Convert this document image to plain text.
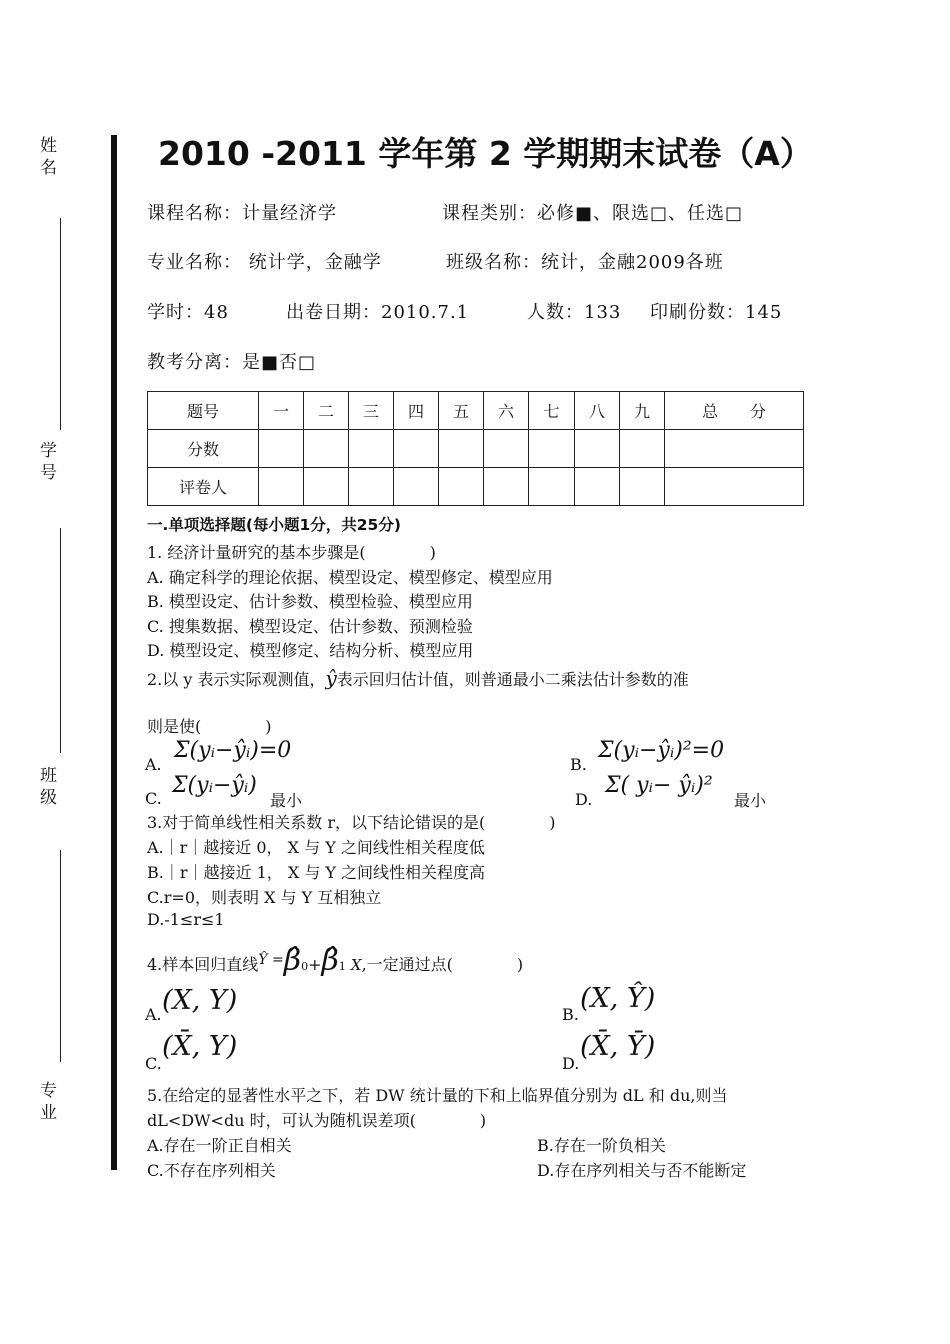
姓 名
学 号
班 级
专 业
2010 -2011 学年第 2 学期期末试卷（A）
课程名称：计量经济学	课程类别：必修■、限选□、任选□
专业名称： 统计学，金融学	班级名称：统计，金融2009各班
学时：48	出卷日期：2010.7.1	人数：133 印刷份数：145
教考分离：是■否□
题号	一	二	三	四	五	六	七	八	九	总　　分
分数										
评卷人										
一.单项选择题(每小题1分，共25分)
1. 经济计量研究的基本步骤是(　　　　)
A. 确定科学的理论依据、模型设定、模型修定、模型应用
B. 模型设定、估计参数、模型检验、模型应用
C. 搜集数据、模型设定、估计参数、预测检验
D. 模型设定、模型修定、结构分析、模型应用
2.以 y 表示实际观测值，ŷ表示回归估计值，则普通最小二乘法估计参数的准
则是使(　　　　)
A.
Σ(yᵢ−ŷᵢ)=0
B.
Σ(yᵢ−ŷᵢ)²=0
C.
Σ(yᵢ−ŷᵢ)
最小	D.
Σ( yᵢ− ŷᵢ)²
最小
3.对于简单线性相关系数 r，以下结论错误的是(　　　　)
A.｜r｜越接近 0， X 与 Y 之间线性相关程度低
B.｜r｜越接近 1， X 与 Y 之间线性相关程度高
C.r=0，则表明 X 与 Y 互相独立
D.-1≤r≤1
4.样本回归直线Ŷ =β̂0+β̂1 X,一定通过点(　　　　)
A. (X, Y)	B.
(X, Ŷ)
C.
(X̄, Y)
D.
(X̄, Ȳ)
5.在给定的显著性水平之下，若 DW 统计量的下和上临界值分别为 dL 和 du,则当
dL<DW<du 时，可认为随机误差项(　　　　)
A.存在一阶正自相关	B.存在一阶负相关
C.不存在序列相关	D.存在序列相关与否不能断定
